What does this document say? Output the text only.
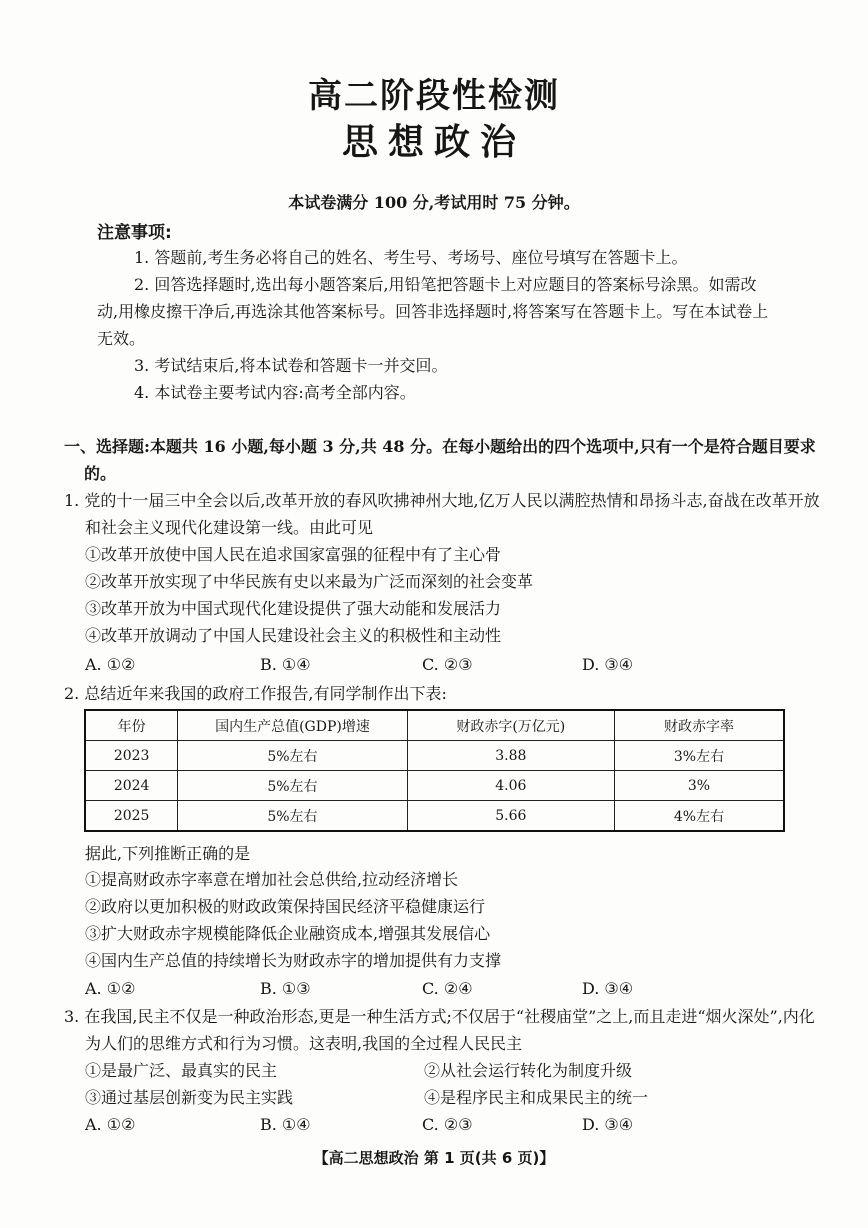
高二阶段性检测
思想政治
本试卷满分 100 分,考试用时 75 分钟。
注意事项:
1. 答题前,考生务必将自己的姓名、考生号、考场号、座位号填写在答题卡上。
2. 回答选择题时,选出每小题答案后,用铅笔把答题卡上对应题目的答案标号涂黑。如需改动,用橡皮擦干净后,再选涂其他答案标号。回答非选择题时,将答案写在答题卡上。写在本试卷上无效。
3. 考试结束后,将本试卷和答题卡一并交回。
4. 本试卷主要考试内容:高考全部内容。
一、选择题:本题共 16 小题,每小题 3 分,共 48 分。在每小题给出的四个选项中,只有一个是符合题目要求的。
1. 党的十一届三中全会以后,改革开放的春风吹拂神州大地,亿万人民以满腔热情和昂扬斗志,奋战在改革开放和社会主义现代化建设第一线。由此可见
①改革开放使中国人民在追求国家富强的征程中有了主心骨
②改革开放实现了中华民族有史以来最为广泛而深刻的社会变革
③改革开放为中国式现代化建设提供了强大动能和发展活力
④改革开放调动了中国人民建设社会主义的积极性和主动性
A. ①②	B. ①④	C. ②③	D. ③④
2. 总结近年来我国的政府工作报告,有同学制作出下表:
年份	国内生产总值(GDP)增速	财政赤字(万亿元)	财政赤字率
2023	5%左右	3.88	3%左右
2024	5%左右	4.06	3%
2025	5%左右	5.66	4%左右
据此,下列推断正确的是
①提高财政赤字率意在增加社会总供给,拉动经济增长
②政府以更加积极的财政政策保持国民经济平稳健康运行
③扩大财政赤字规模能降低企业融资成本,增强其发展信心
④国内生产总值的持续增长为财政赤字的增加提供有力支撑
A. ①②	B. ①③	C. ②④	D. ③④
3. 在我国,民主不仅是一种政治形态,更是一种生活方式;不仅居于“社稷庙堂”之上,而且走进“烟火深处”,内化为人们的思维方式和行为习惯。这表明,我国的全过程人民民主
①是最广泛、最真实的民主	②从社会运行转化为制度升级
③通过基层创新变为民主实践	④是程序民主和成果民主的统一
A. ①②	B. ①④	C. ②③	D. ③④
【高二思想政治 第 1 页(共 6 页)】
